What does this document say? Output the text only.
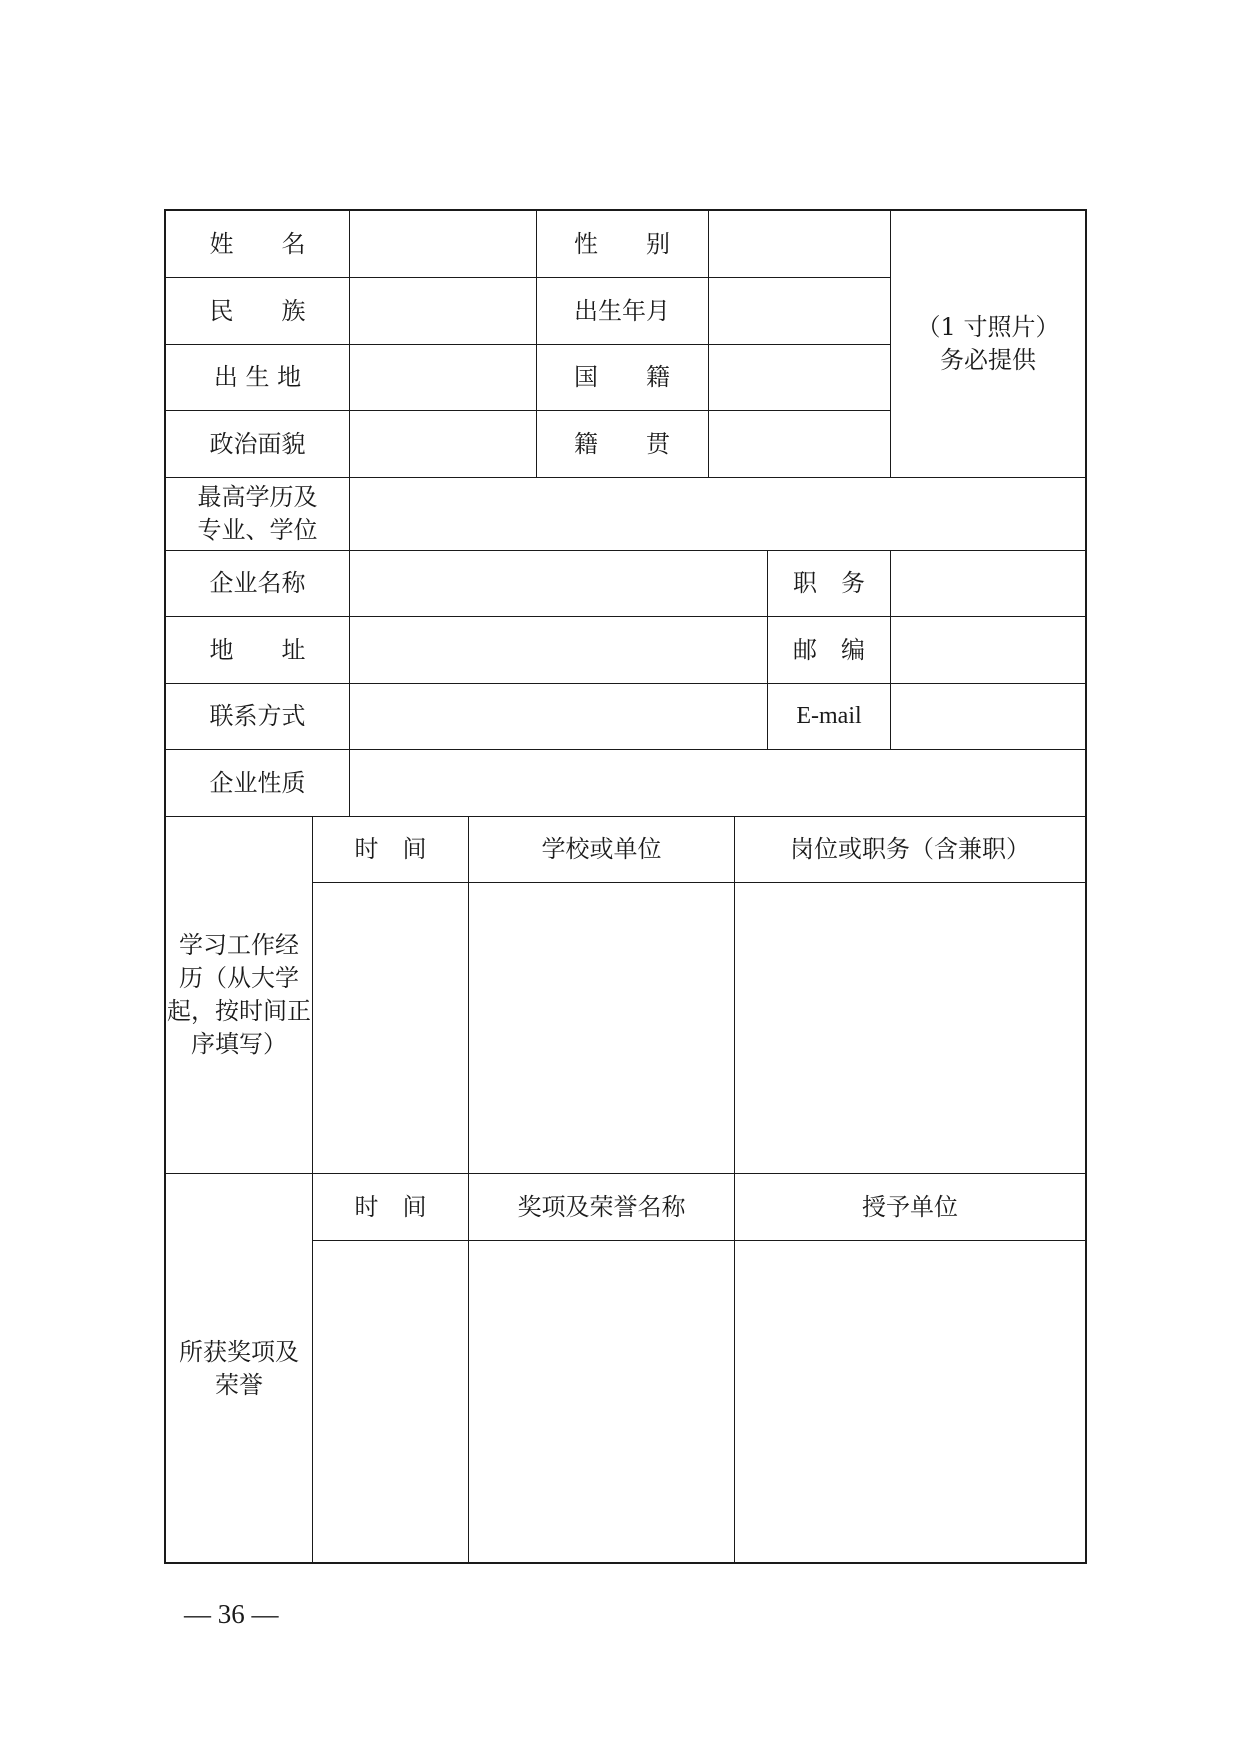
姓　　名	性　　别
民　　族	出生年月
出 生 地	国　　籍
政治面貌	籍　　贯
（1 寸照片）
务必提供
最高学历及
专业、学位
企业名称	职　务
地　　址	邮　编
联系方式	E-mail
企业性质
学习工作经
历（从大学
起，按时间正
序填写）
时　间	学校或单位	岗位或职务（含兼职）
所获奖项及
荣誉
时　间	奖项及荣誉名称	授予单位
— 36 —
